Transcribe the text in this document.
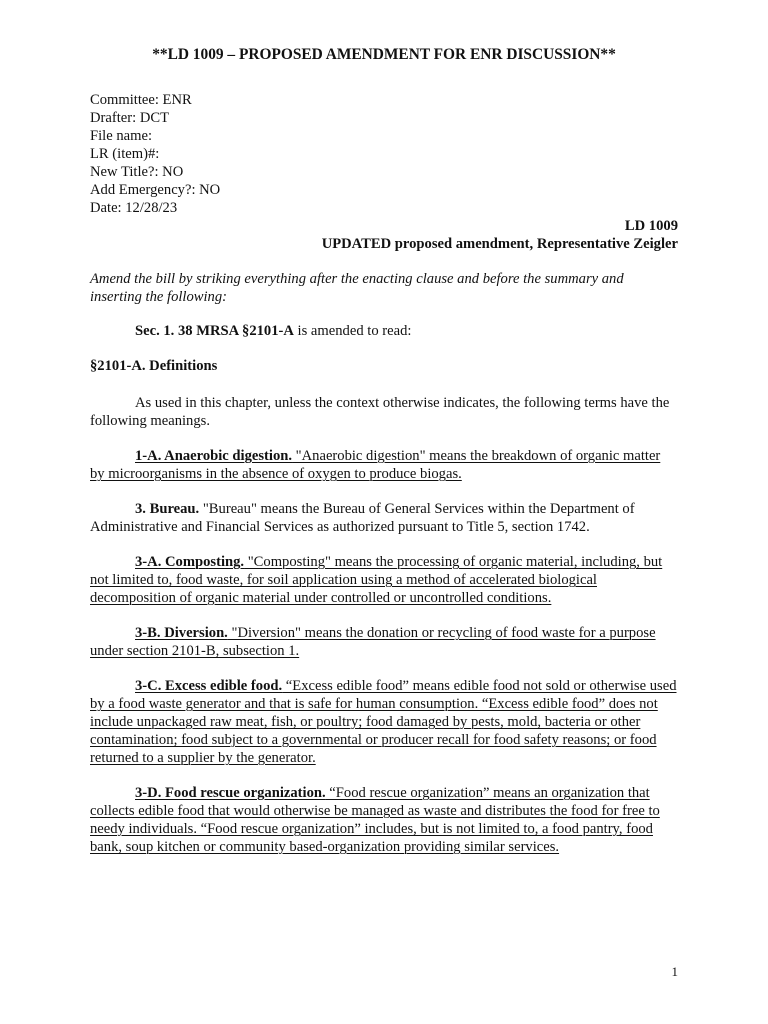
**LD 1009 – PROPOSED AMENDMENT FOR ENR DISCUSSION**
Committee: ENR
Drafter: DCT
File name:
LR (item)#:
New Title?: NO
Add Emergency?: NO
Date: 12/28/23
LD 1009
UPDATED proposed amendment, Representative Zeigler

Amend the bill by striking everything after the enacting clause and before the summary and inserting the following:

Sec. 1. 38 MRSA §2101-A is amended to read:

§2101-A. Definitions

As used in this chapter, unless the context otherwise indicates, the following terms have the following meanings.

1-A. Anaerobic digestion. "Anaerobic digestion" means the breakdown of organic matter by microorganisms in the absence of oxygen to produce biogas.

3. Bureau. "Bureau" means the Bureau of General Services within the Department of Administrative and Financial Services as authorized pursuant to Title 5, section 1742.

3-A. Composting. "Composting" means the processing of organic material, including, but not limited to, food waste, for soil application using a method of accelerated biological decomposition of organic material under controlled or uncontrolled conditions.

3-B. Diversion. "Diversion" means the donation or recycling of food waste for a purpose under section 2101-B, subsection 1.

3-C. Excess edible food. “Excess edible food” means edible food not sold or otherwise used by a food waste generator and that is safe for human consumption. “Excess edible food” does not include unpackaged raw meat, fish, or poultry; food damaged by pests, mold, bacteria or other contamination; food subject to a governmental or producer recall for food safety reasons; or food returned to a supplier by the generator.

3-D. Food rescue organization. “Food rescue organization” means an organization that collects edible food that would otherwise be managed as waste and distributes the food for free to needy individuals. “Food rescue organization” includes, but is not limited to, a food pantry, food bank, soup kitchen or community based-organization providing similar services.

1
